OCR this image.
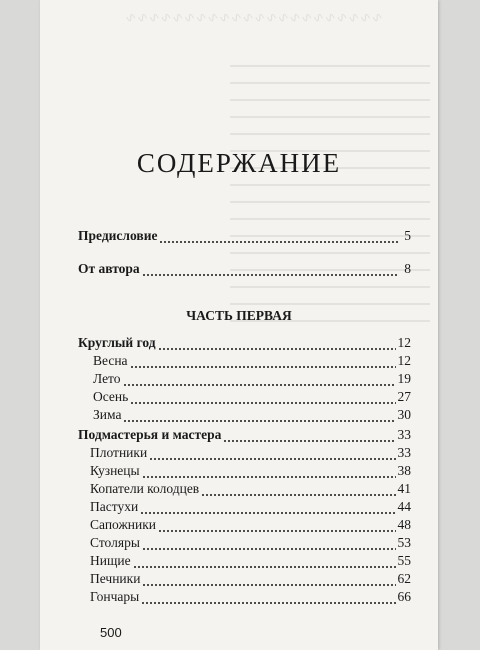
∿∿∿∿∿∿∿∿∿∿∿∿∿∿∿∿∿∿∿∿∿∿
СОДЕРЖАНИЕ
Предисловие	5
От автора	8
ЧАСТЬ ПЕРВАЯ
Круглый год	12
Весна	12
Лето	19
Осень	27
Зима	30
Подмастерья и мастера	33
Плотники	33
Кузнецы	38
Копатели колодцев	41
Пастухи	44
Сапожники	48
Столяры	53
Нищие	55
Печники	62
Гончары	66
500
